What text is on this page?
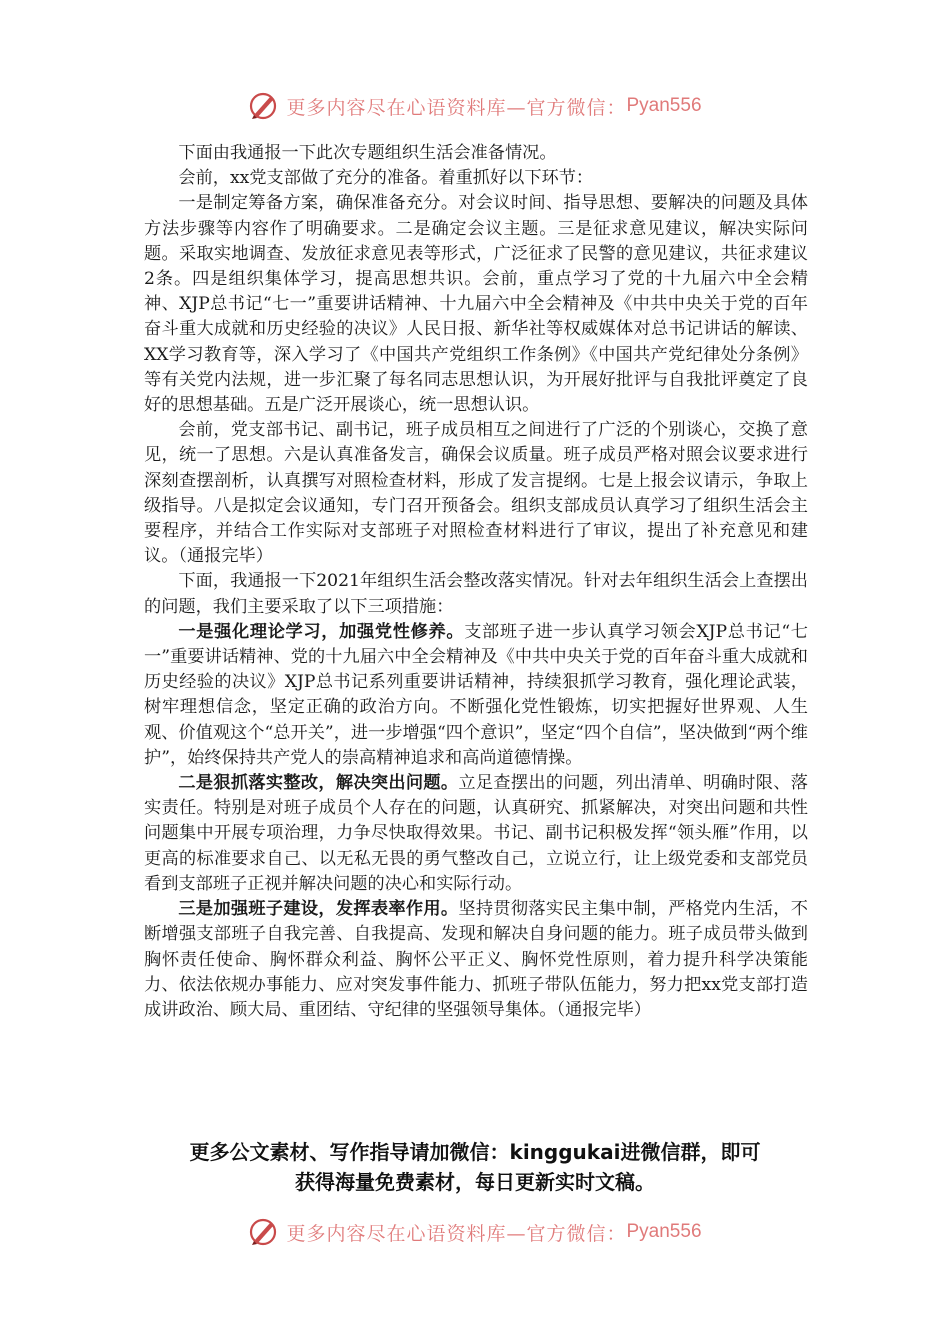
更多内容尽在心语资料库—官方微信： Pyan556

下面由我通报一下此次专题组织生活会准备情况。

会前，xx党支部做了充分的准备。着重抓好以下环节：

一是制定筹备方案，确保准备充分。对会议时间、指导思想、要解决的问题及具体方法步骤等内容作了明确要求。二是确定会议主题。三是征求意见建议，解决实际问题。采取实地调查、发放征求意见表等形式，广泛征求了民警的意见建议，共征求建议2条。四是组织集体学习，提高思想共识。会前，重点学习了党的十九届六中全会精神、XJP总书记“七一”重要讲话精神、十九届六中全会精神及《中共中央关于党的百年奋斗重大成就和历史经验的决议》人民日报、新华社等权威媒体对总书记讲话的解读、XX学习教育等，深入学习了《中国共产党组织工作条例》《中国共产党纪律处分条例》等有关党内法规，进一步汇聚了每名同志思想认识，为开展好批评与自我批评奠定了良好的思想基础。五是广泛开展谈心，统一思想认识。

会前，党支部书记、副书记，班子成员相互之间进行了广泛的个别谈心，交换了意见，统一了思想。六是认真准备发言，确保会议质量。班子成员严格对照会议要求进行深刻查摆剖析，认真撰写对照检查材料，形成了发言提纲。七是上报会议请示，争取上级指导。八是拟定会议通知，专门召开预备会。组织支部成员认真学习了组织生活会主要程序，并结合工作实际对支部班子对照检查材料进行了审议，提出了补充意见和建议。（通报完毕）

下面，我通报一下2021年组织生活会整改落实情况。针对去年组织生活会上查摆出的问题，我们主要采取了以下三项措施：

一是强化理论学习，加强党性修养。支部班子进一步认真学习领会XJP总书记“七一”重要讲话精神、党的十九届六中全会精神及《中共中央关于党的百年奋斗重大成就和历史经验的决议》XJP总书记系列重要讲话精神，持续狠抓学习教育，强化理论武装，树牢理想信念，坚定正确的政治方向。不断强化党性锻炼，切实把握好世界观、人生观、价值观这个“总开关”，进一步增强“四个意识”，坚定“四个自信”，坚决做到“两个维护”，始终保持共产党人的崇高精神追求和高尚道德情操。

二是狠抓落实整改，解决突出问题。立足查摆出的问题，列出清单、明确时限、落实责任。特别是对班子成员个人存在的问题，认真研究、抓紧解决，对突出问题和共性问题集中开展专项治理，力争尽快取得效果。书记、副书记积极发挥“领头雁”作用，以更高的标准要求自己、以无私无畏的勇气整改自己，立说立行，让上级党委和支部党员看到支部班子正视并解决问题的决心和实际行动。

三是加强班子建设，发挥表率作用。坚持贯彻落实民主集中制，严格党内生活，不断增强支部班子自我完善、自我提高、发现和解决自身问题的能力。班子成员带头做到胸怀责任使命、胸怀群众利益、胸怀公平正义、胸怀党性原则，着力提升科学决策能力、依法依规办事能力、应对突发事件能力、抓班子带队伍能力，努力把xx党支部打造成讲政治、顾大局、重团结、守纪律的坚强领导集体。（通报完毕）

更多公文素材、写作指导请加微信：kinggukai进微信群，即可
获得海量免费素材，每日更新实时文稿。
更多内容尽在心语资料库—官方微信： Pyan556
